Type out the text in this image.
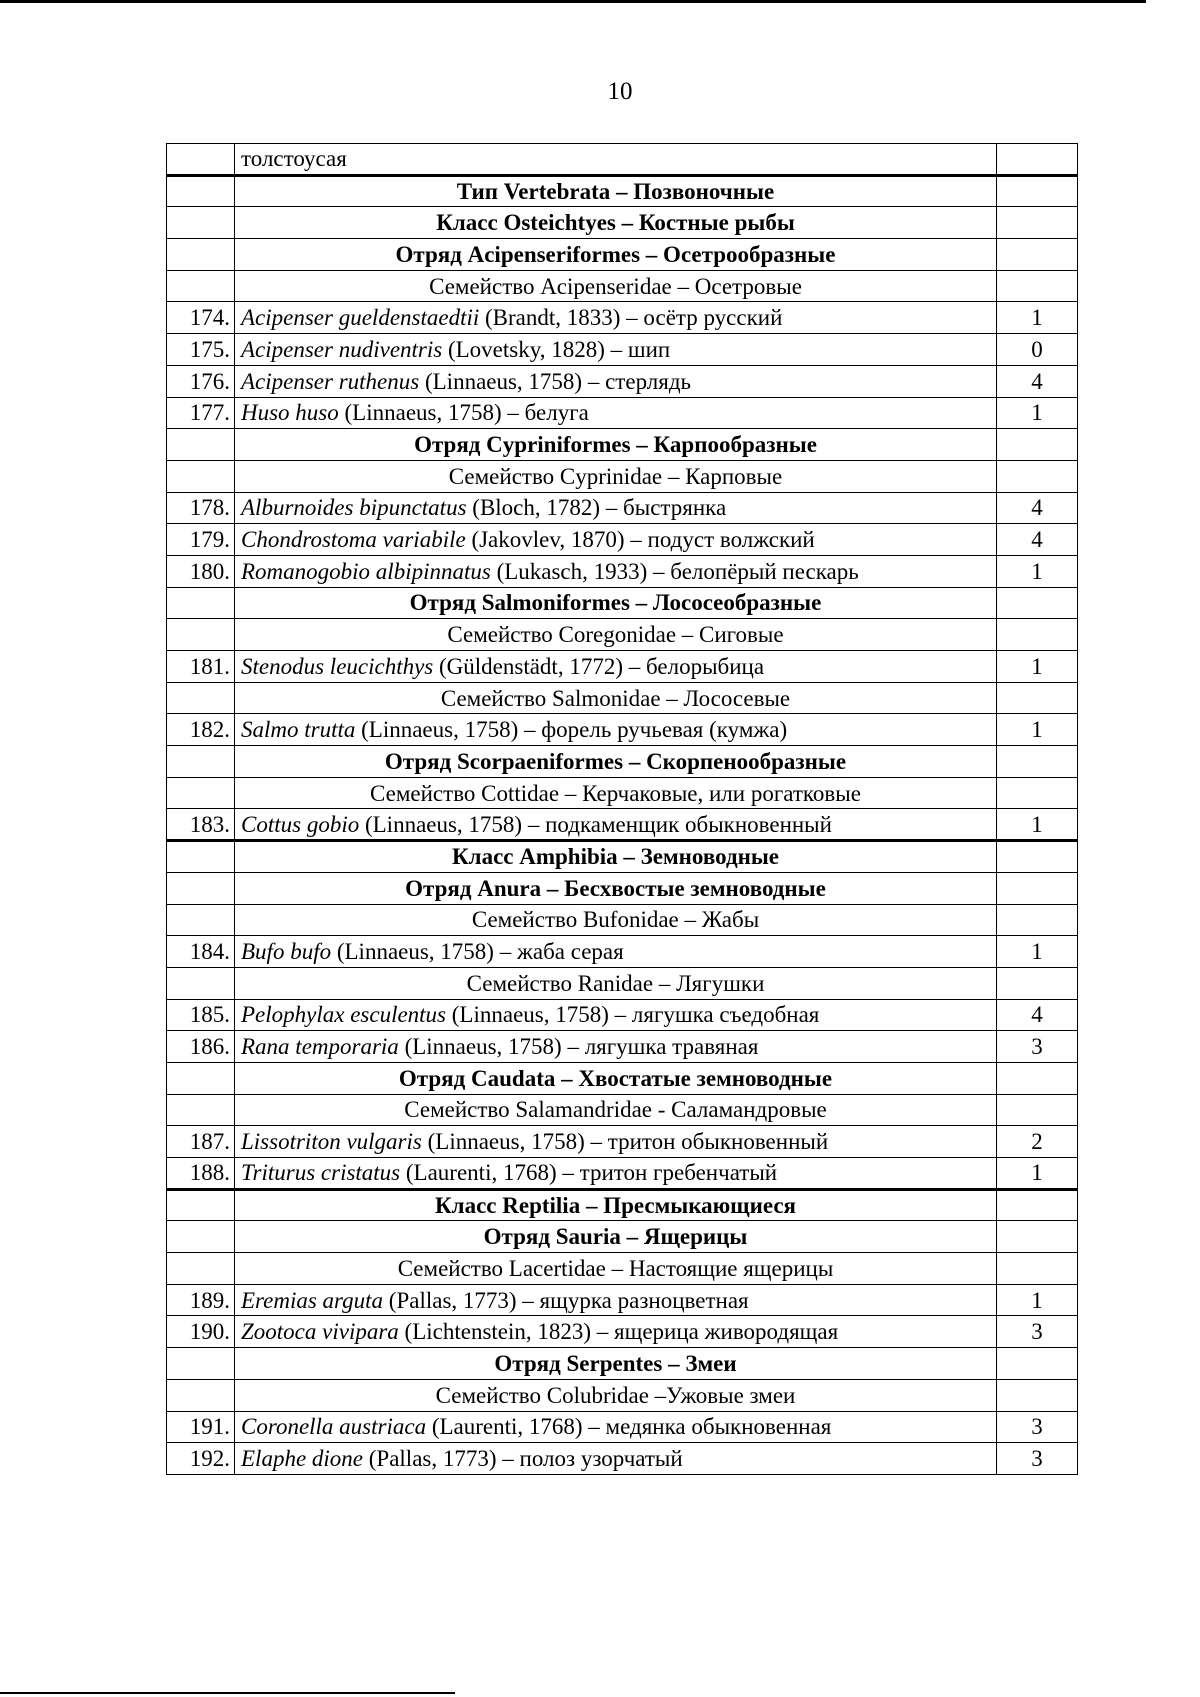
10
	толстоусая	
	Тип Vertebrata – Позвоночные	
	Класс Osteichtyes – Костные рыбы	
	Отряд Acipenseriformes – Осетрообразные	
	Семейство Acipenseridae – Осетровые	
174.	Acipenser gueldenstaedtii (Brandt, 1833) – осётр русский	1
175.	Acipenser nudiventris (Lovetsky, 1828) – шип	0
176.	Acipenser ruthenus (Linnaeus, 1758) – стерлядь	4
177.	Huso huso (Linnaeus, 1758) – белуга	1
	Отряд Cypriniformes – Карпообразные	
	Семейство Cyprinidae – Карповые	
178.	Alburnoides bipunctatus (Bloch, 1782) – быстрянка	4
179.	Chondrostoma variabile (Jakovlev, 1870) – подуст волжский	4
180.	Romanogobio albipinnatus (Lukasch, 1933) – белопёрый пескарь	1
	Отряд Salmoniformes – Лососеобразные	
	Семейство Coregonidae – Сиговые	
181.	Stenodus leucichthys (Güldenstädt, 1772) – белорыбица	1
	Семейство Salmonidae – Лососевые	
182.	Salmo trutta (Linnaeus, 1758) – форель ручьевая (кумжа)	1
	Отряд Scorpaeniformes – Скорпенообразные	
	Семейство Cottidae – Керчаковые, или рогатковые	
183.	Cottus gobio (Linnaeus, 1758) – подкаменщик обыкновенный	1
	Класс Amphibia – Земноводные	
	Отряд Anura – Бесхвостые земноводные	
	Семейство Bufonidae – Жабы	
184.	Bufo bufo (Linnaeus, 1758) – жаба серая	1
	Семейство Ranidae – Лягушки	
185.	Pelophylax esculentus (Linnaeus, 1758) – лягушка съедобная	4
186.	Rana temporaria (Linnaeus, 1758) – лягушка травяная	3
	Отряд Caudata – Хвостатые земноводные	
	Семейство Salamandridae - Саламандровые	
187.	Lissotriton vulgaris (Linnaeus, 1758) – тритон обыкновенный	2
188.	Triturus cristatus (Laurenti, 1768) – тритон гребенчатый	1
	Класс Reptilia – Пресмыкающиеся	
	Отряд Sauria – Ящерицы	
	Семейство Lacertidae – Настоящие ящерицы	
189.	Eremias arguta (Pallas, 1773) – ящурка разноцветная	1
190.	Zootoca vivipara (Lichtenstein, 1823) – ящерица живородящая	3
	Отряд Serpentes – Змеи	
	Семейство Colubridae –Ужовые змеи	
191.	Coronella austriaca (Laurenti, 1768) – медянка обыкновенная	3
192.	Elaphe dione (Pallas, 1773) – полоз узорчатый	3
